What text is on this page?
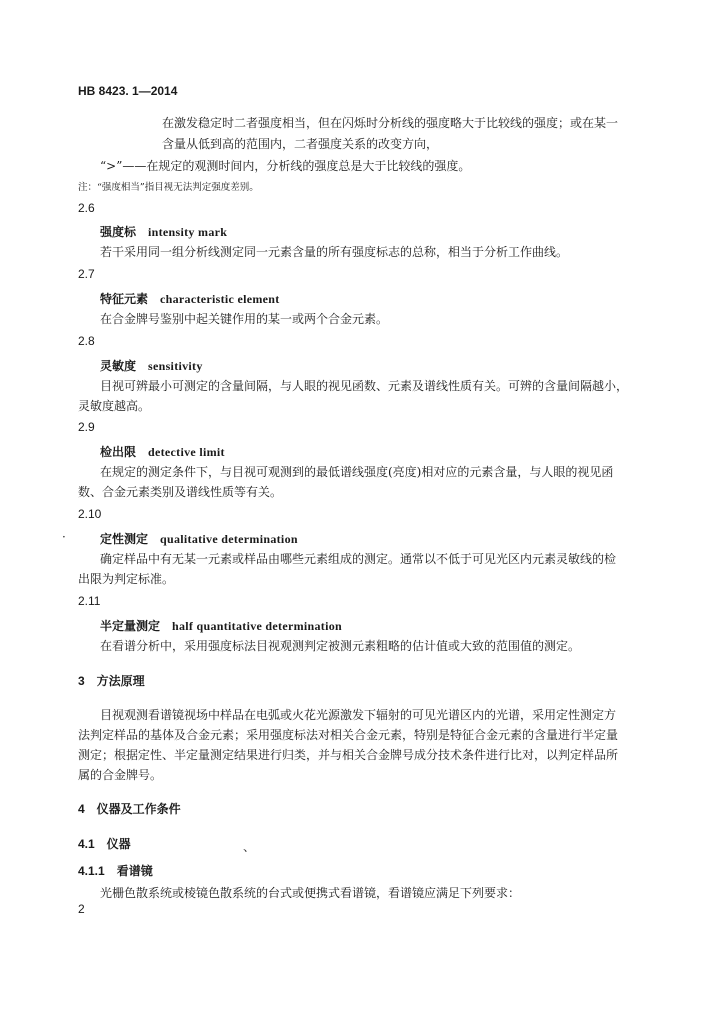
HB 8423. 1—2014
在激发稳定时二者强度相当，但在闪烁时分析线的强度略大于比较线的强度；或在某一
含量从低到高的范围内，二者强度关系的改变方向，
“>”——在规定的观测时间内，分析线的强度总是大于比较线的强度。
注：“强度相当”指目视无法判定强度差别。
2.6
强度标 intensity mark
若干采用同一组分析线测定同一元素含量的所有强度标志的总称，相当于分析工作曲线。
2.7
特征元素 characteristic element
在合金牌号鉴别中起关键作用的某一或两个合金元素。
2.8
灵敏度 sensitivity
目视可辨最小可测定的含量间隔，与人眼的视见函数、元素及谱线性质有关。可辨的含量间隔越小，
灵敏度越高。
2.9
检出限 detective limit
在规定的测定条件下，与目视可观测到的最低谱线强度(亮度)相对应的元素含量，与人眼的视见函
数、合金元素类别及谱线性质等有关。
2.10
·	定性测定 qualitative determination
确定样品中有无某一元素或样品由哪些元素组成的测定。通常以不低于可见光区内元素灵敏线的检
出限为判定标准。
2.11
半定量测定 half quantitative determination
在看谱分析中，采用强度标法目视观测判定被测元素粗略的估计值或大致的范围值的测定。
3　方法原理
目视观测看谱镜视场中样品在电弧或火花光源激发下辐射的可见光谱区内的光谱，采用定性测定方
法判定样品的基体及合金元素；采用强度标法对相关合金元素，特别是特征合金元素的含量进行半定量
测定；根据定性、半定量测定结果进行归类，并与相关合金牌号成分技术条件进行比对，以判定样品所
属的合金牌号。
4　仪器及工作条件
4.1　仪器	、
4.1.1　看谱镜
光栅色散系统或棱镜色散系统的台式或便携式看谱镜，看谱镜应满足下列要求：
2
